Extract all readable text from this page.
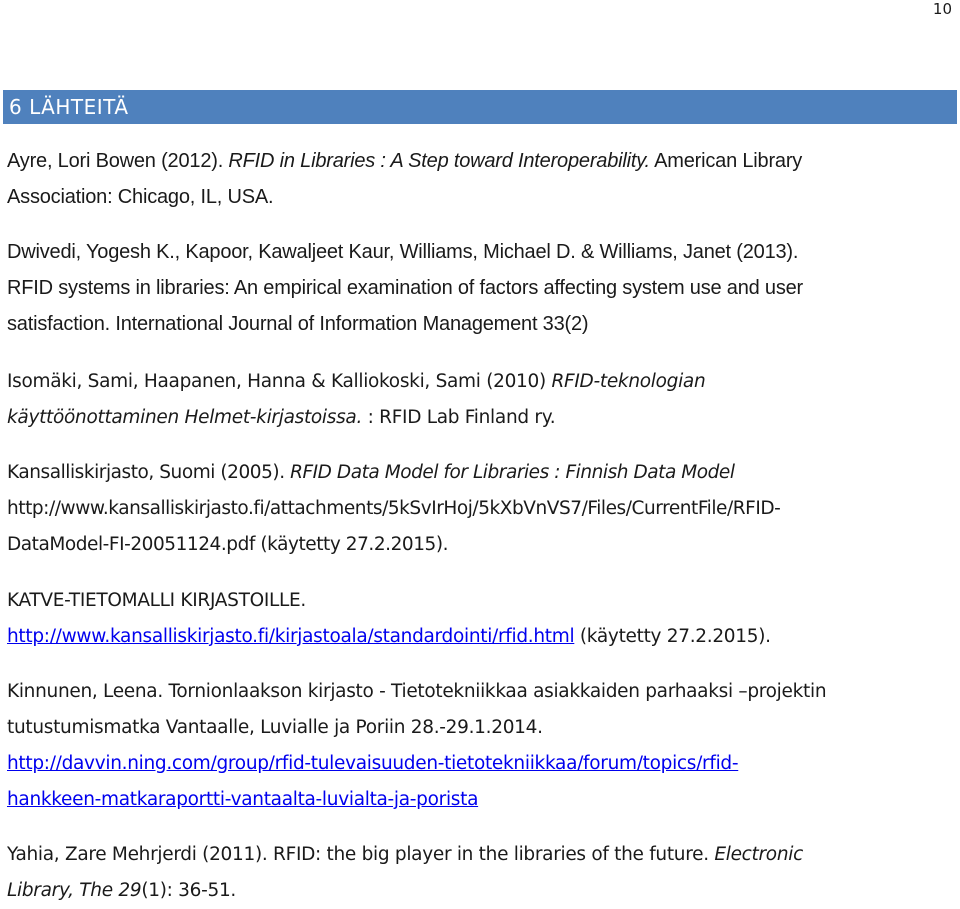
10
6 LÄHTEITÄ
Ayre, Lori Bowen (2012). RFID in Libraries : A Step toward Interoperability. American Library
Association: Chicago, IL, USA.
Dwivedi, Yogesh K., Kapoor, Kawaljeet Kaur, Williams, Michael D. & Williams, Janet (2013).
RFID systems in libraries: An empirical examination of factors affecting system use and user
satisfaction. International Journal of Information Management 33(2)
Isomäki, Sami, Haapanen, Hanna & Kalliokoski, Sami (2010) RFID-teknologian
käyttöönottaminen Helmet-kirjastoissa. : RFID Lab Finland ry.
Kansalliskirjasto, Suomi (2005). RFID Data Model for Libraries : Finnish Data Model
http://www.kansalliskirjasto.fi/attachments/5kSvIrHoj/5kXbVnVS7/Files/CurrentFile/RFID-
DataModel-FI-20051124.pdf (käytetty 27.2.2015).
KATVE-TIETOMALLI KIRJASTOILLE.
http://www.kansalliskirjasto.fi/kirjastoala/standardointi/rfid.html (käytetty 27.2.2015).
Kinnunen, Leena. Tornionlaakson kirjasto - Tietotekniikkaa asiakkaiden parhaaksi –projektin
tutustumismatka Vantaalle, Luvialle ja Poriin 28.-29.1.2014.
http://davvin.ning.com/group/rfid-tulevaisuuden-tietotekniikkaa/forum/topics/rfid-
hankkeen-matkaraportti-vantaalta-luvialta-ja-porista
Yahia, Zare Mehrjerdi (2011). RFID: the big player in the libraries of the future. Electronic
Library, The 29(1): 36-51.
